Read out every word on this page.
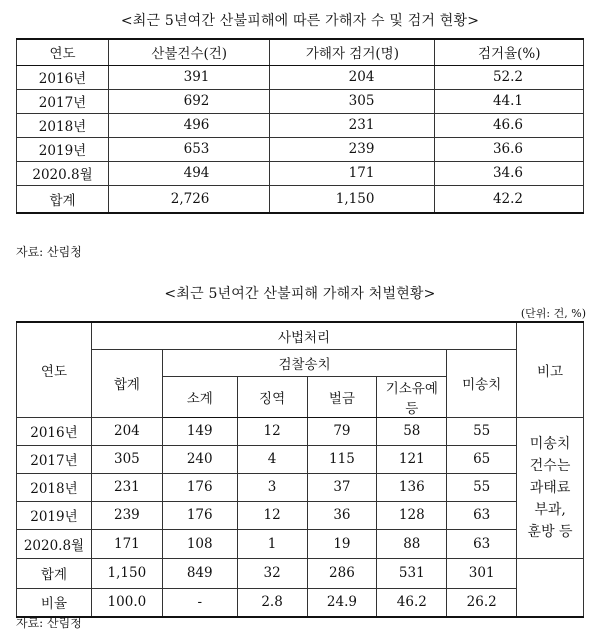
<최근 5년여간 산불피해에 따른 가해자 수 및 검거 현황>
연도	산불건수(건)	가해자 검거(명)	검거율(%)
2016년	391	204	52.2
2017년	692	305	44.1
2018년	496	231	46.6
2019년	653	239	36.6
2020.8월	494	171	34.6
합계	2,726	1,150	42.2
자료: 산림청
<최근 5년여간 산불피해 가해자 처벌현황>
(단위: 건, %)
연도	사법처리						비고
	합계	검찰송치				미송치	
		소계	징역	벌금	기소유예 등		
2016년	204	149	12	79	58	55	미송치
건수는
과태료
부과,
훈방 등

2017년	305	240	4	115	121	65	
2018년	231	176	3	37	136	55	
2019년	239	176	12	36	128	63	
2020.8월	171	108	1	19	88	63	
합계	1,150	849	32	286	531	301	
비율	100.0	-	2.8	24.9	46.2	26.2	
자료: 산림청
